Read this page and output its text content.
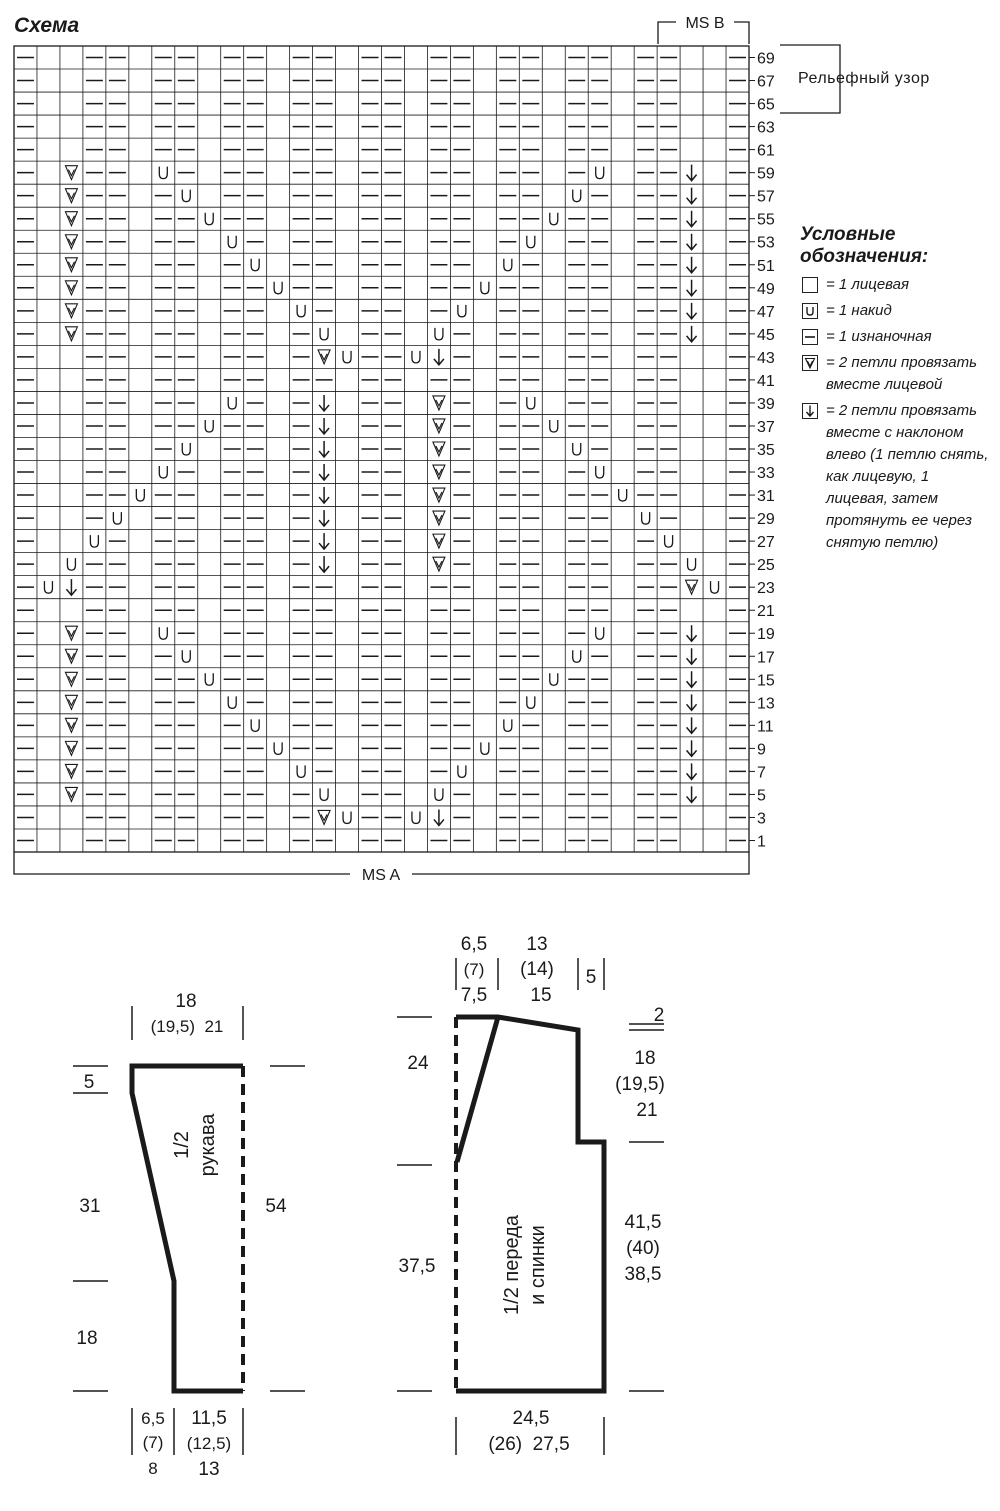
Схема
1
3
5
7
9
11
13
15
17
19
21
23
25
27
29
31
33
35
37
39
41
43
45
47
49
51
53
55
57
59
61
63
65
67
69
MS A
MS B
18
(19,5)  21
5
31
18
54
1/2 рукава
6,5
(7)
8
11,5
(12,5)
13
6,5
(7)
7,5
13
(14)
15
5
2
18
(19,5)
21
24
37,5
41,5
(40)
38,5
1/2 переда и спинки
24,5
(26)  27,5
Рельефный узор
Условные обозначения:
= 1 лицевая
= 1 накид
= 1 изнаночная
= 2 петли провязать вместе лицевой
= 2 петли провязать вместе с наклоном влево (1 петлю снять, как лицевую, 1 лицевая, затем протянуть ее через снятую петлю)
